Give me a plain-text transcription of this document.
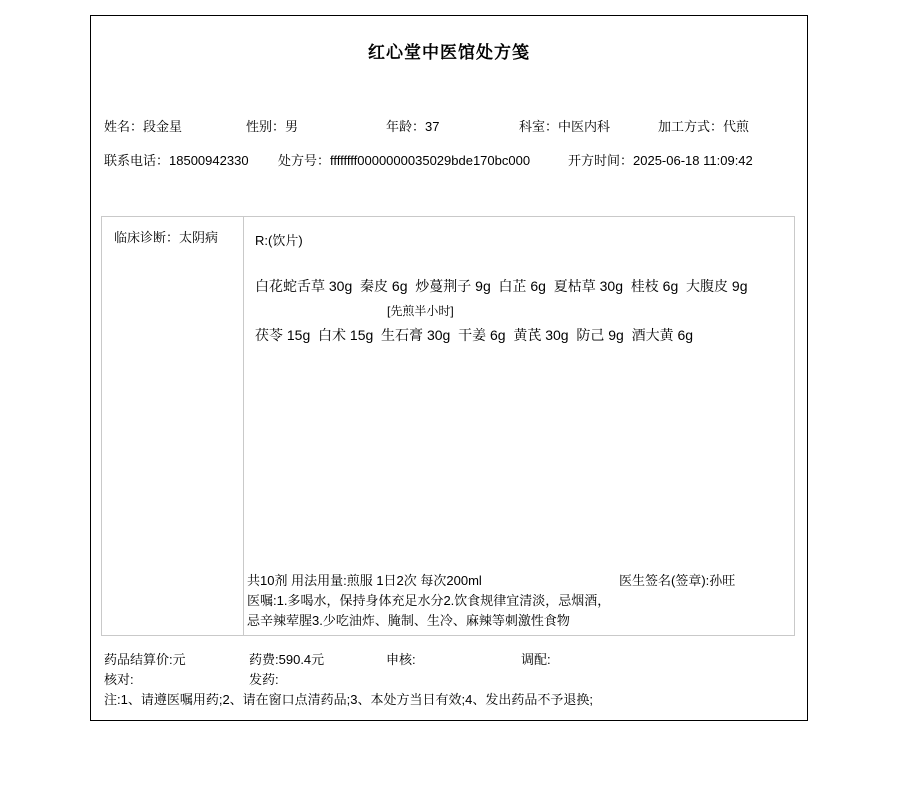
红心堂中医馆处方笺
姓名：段金星	性别：男	年龄：37	科室：中医内科	加工方式：代煎
联系电话：18500942330 处方号：ffffffff0000000035029bde170bc000	开方时间：2025-06-18 11:09:42
临床诊断：太阴病	R:(饮片)
白花蛇舌草 30g  秦皮 6g  炒蔓荆子 9g  白芷 6g  夏枯草 30g  桂枝 6g  大腹皮 9g
[先煎半小时]
茯苓 15g  白术 15g  生石膏 30g  干姜 6g  黄芪 30g  防己 9g  酒大黄 6g
共10剂 用法用量:煎服 1日2次 每次200ml	医生签名(签章):孙旺
医嘱:1.多喝水，保持身体充足水分2.饮食规律宜清淡，忌烟酒，
忌辛辣荤腥3.少吃油炸、腌制、生冷、麻辣等刺激性食物
药品结算价:元	药费:590.4元	申核:	调配:
核对:	发药:
注:1、请遵医嘱用药;2、请在窗口点清药品;3、本处方当日有效;4、发出药品不予退换;
